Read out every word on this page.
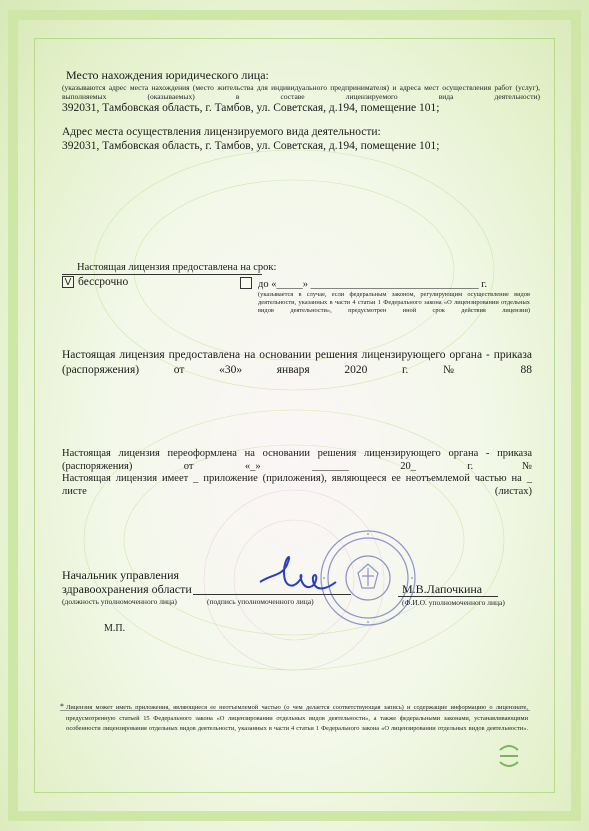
Место нахождения юридического лица:
(указываются адрес места нахождения (место жительства для индивидуального предпринимателя) и адреса мест осуществления работ (услуг), выполняемых (оказываемых) в составе лицензируемого вида деятельности)
392031, Тамбовская область, г. Тамбов, ул. Советская, д.194, помещение 101;
Адрес места осуществления лицензируемого вида деятельности:
392031, Тамбовская область, г. Тамбов, ул. Советская, д.194, помещение 101;
Настоящая лицензия предоставлена на срок:
V бессрочно	до «_____» ________________________________ г.
(указывается в случае, если федеральным законом, регулирующим осуществление видов деятельности, указанных в части 4 статьи 1 Федерального закона «О лицензировании отдельных видов деятельности», предусмотрен иной срок действия лицензии)
Настоящая лицензия предоставлена на основании решения лицензирующего органа - приказа (распоряжения) от «30» января 2020 г. № 88
Настоящая лицензия переоформлена на основании решения лицензирующего органа - приказа (распоряжения) от «_» _______ 20_ г.№
Настоящая лицензия имеет _ приложение (приложения), являющееся ее неотъемлемой частью на _ листе (листах)
Начальник управления здравоохранения области
(должность уполномоченного лица)	(подпись уполномоченного лица)
М.В.Лапочкина
(Ф.И.О. уполномоченного лица)
М.П.
* Лицензия может иметь приложения, являющиеся ее неотъемлемой частью (о чем делается соответствующая запись) и содержащие информацию о лицензиате, предусмотренную статьей 15 Федерального закона «О лицензировании отдельных видов деятельности», а также федеральными законами, устанавливающими особенности лицензирования отдельных видов деятельности, указанных в части 4 статьи 1 Федерального закона «О лицензировании отдельных видов деятельности».
